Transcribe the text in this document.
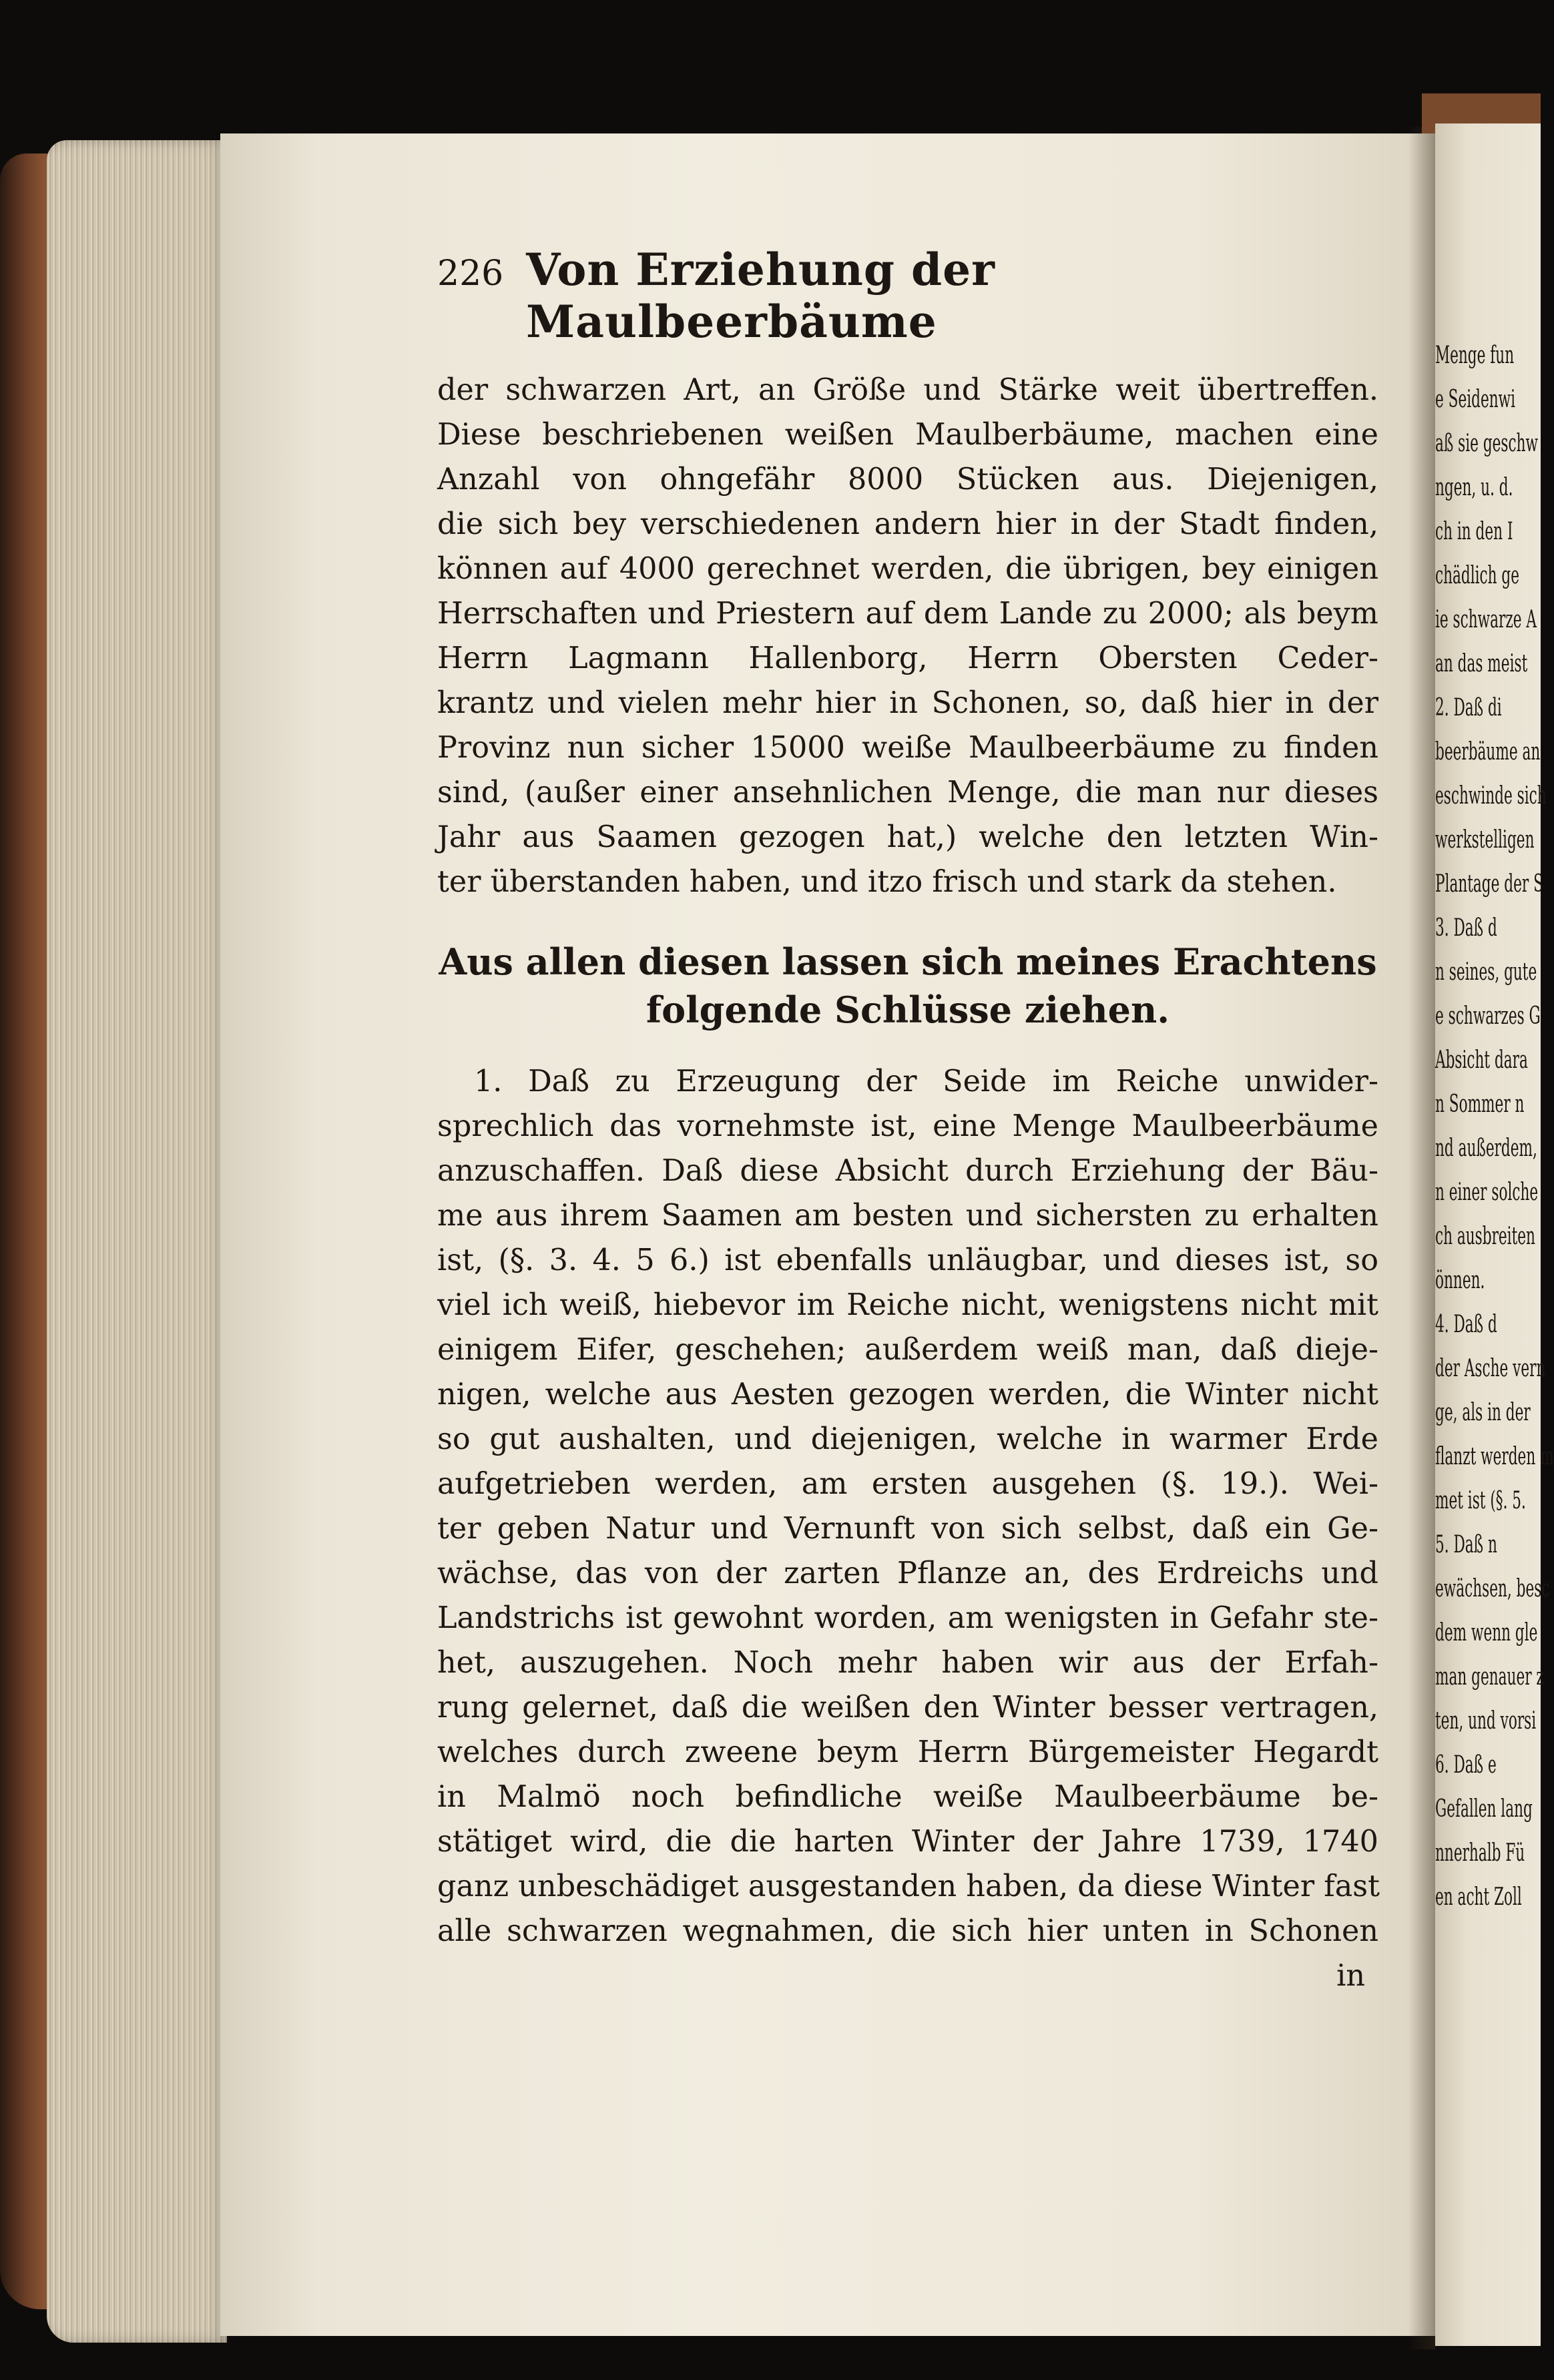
226 Von Erziehung der Maulbeerbäume

der schwarzen Art, an Größe und Stärke weit übertreffen.

Diese beschriebenen weißen Maulberbäume, machen eine

Anzahl von ohngefähr 8000 Stücken aus. Diejenigen,

die sich bey verschiedenen andern hier in der Stadt finden,

können auf 4000 gerechnet werden, die übrigen, bey einigen

Herrschaften und Priestern auf dem Lande zu 2000; als beym

Herrn Lagmann Hallenborg, Herrn Obersten Ceder-

krantz und vielen mehr hier in Schonen, so, daß hier in der

Provinz nun sicher 15000 weiße Maulbeerbäume zu finden

sind, (außer einer ansehnlichen Menge, die man nur dieses

Jahr aus Saamen gezogen hat,) welche den letzten Win-

ter überstanden haben, und itzo frisch und stark da stehen.

Aus allen diesen lassen sich meines Erachtens
folgende Schlüsse ziehen.

1. Daß zu Erzeugung der Seide im Reiche unwider-

sprechlich das vornehmste ist, eine Menge Maulbeerbäume

anzuschaffen. Daß diese Absicht durch Erziehung der Bäu-

me aus ihrem Saamen am besten und sichersten zu erhalten

ist, (§. 3. 4. 5 6.) ist ebenfalls unläugbar, und dieses ist, so

viel ich weiß, hiebevor im Reiche nicht, wenigstens nicht mit

einigem Eifer, geschehen; außerdem weiß man, daß dieje-

nigen, welche aus Aesten gezogen werden, die Winter nicht

so gut aushalten, und diejenigen, welche in warmer Erde

aufgetrieben werden, am ersten ausgehen (§. 19.). Wei-

ter geben Natur und Vernunft von sich selbst, daß ein Ge-

wächse, das von der zarten Pflanze an, des Erdreichs und

Landstrichs ist gewohnt worden, am wenigsten in Gefahr ste-

het, auszugehen. Noch mehr haben wir aus der Erfah-

rung gelernet, daß die weißen den Winter besser vertragen,

welches durch zweene beym Herrn Bürgemeister Hegardt

in Malmö noch befindliche weiße Maulbeerbäume be-

stätiget wird, die die harten Winter der Jahre 1739, 1740

ganz unbeschädiget ausgestanden haben, da diese Winter fast

alle schwarzen wegnahmen, die sich hier unten in Schonen

in
Menge fun
e Seidenwi
aß sie geschw
ngen, u. d.
ch in den I
chädlich ge
ie schwarze A
an das meist
2. Daß di
beerbäume an
eschwinde sich
werkstelligen
Plantage der S
3. Daß d
n seines, gute
e schwarzes G
Absicht dara
n Sommer n
nd außerdem,
n einer solche
ch ausbreiten
önnen.
4. Daß d
der Asche vern
ge, als in der
flanzt werden m
met ist (§. 5.
5. Daß n
ewächsen, besc
dem wenn gle
man genauer z
ten, und vorsi
6. Daß e
Gefallen lang
nnerhalb Fü
en acht Zoll
